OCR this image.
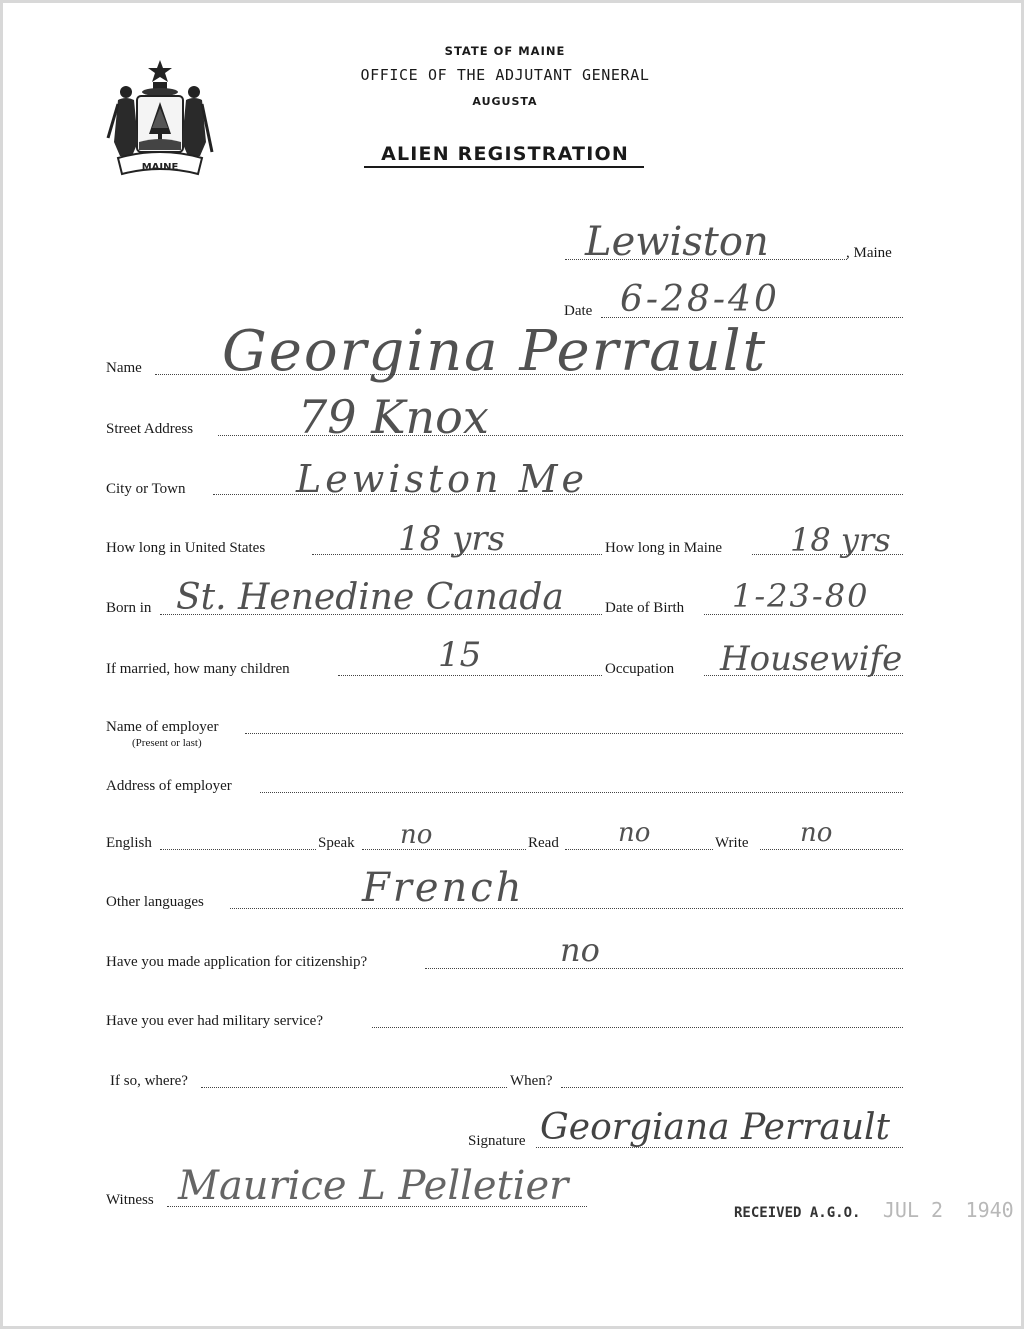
MAINE
STATE OF MAINE
OFFICE OF THE ADJUTANT GENERAL
AUGUSTA
ALIEN REGISTRATION
Lewiston	, Maine
Date 6-28-40
Name Georgina Perrault
Street Address 79 Knox
City or Town	Lewiston Me
How long in United States	18 yrs	How long in Maine 18 yrs
Born in St. Henedine Canada	Date of Birth 1-23-80
If married, how many children	15	Occupation Housewife
Name of employer
(Present or last)
Address of employer
English	Speak no	Read no	Write no
Other languages	French
Have you made application for citizenship?	no
Have you ever had military service?
If so, where?	When?
Signature Georgiana Perrault
Witness Maurice L Pelletier
RECEIVED A.G.O. JUL 2 1940
